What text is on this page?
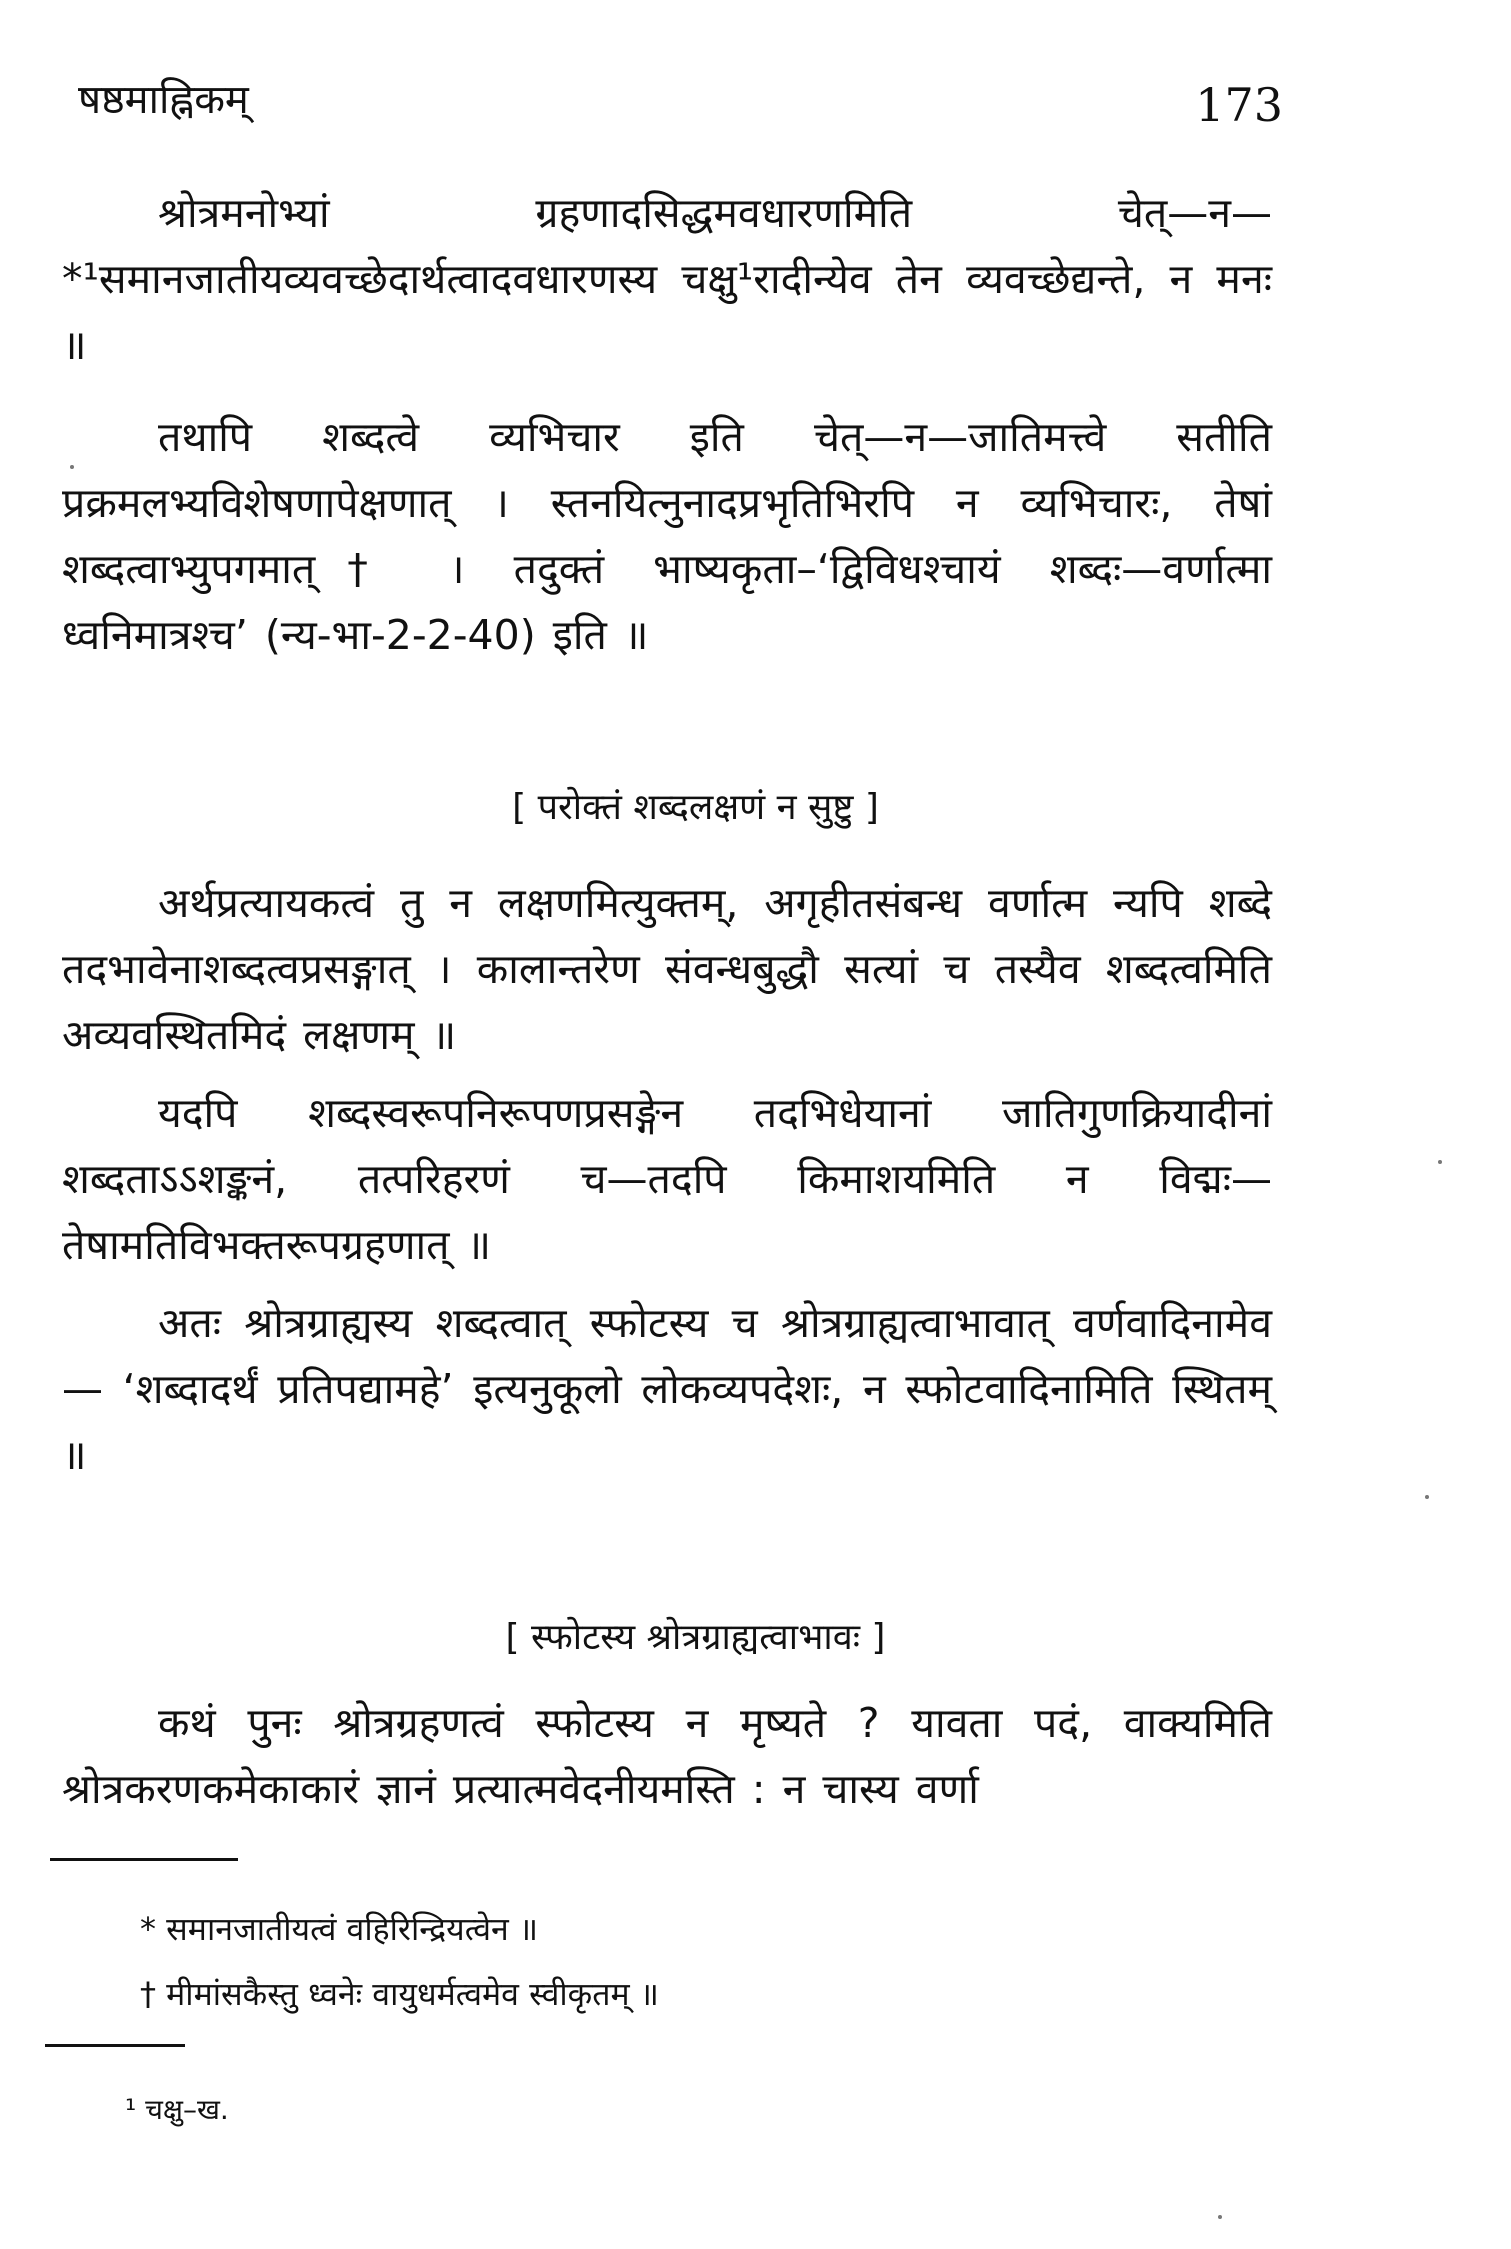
षष्ठमाह्निकम्	173

श्रोत्रमनोभ्यां ग्रहणादसिद्धमवधारणमिति चेत्—न—*¹समानजातीयव्यवच्छेदार्थत्वादवधारणस्य चक्षु¹रादीन्येव तेन व्यवच्छेद्यन्ते, न मनः ॥

तथापि शब्दत्वे व्यभिचार इति चेत्—न—जातिमत्त्वे सतीति प्रक्रमलभ्यविशेषणापेक्षणात् । स्तनयित्नुनादप्रभृतिभिरपि न व्यभिचारः, तेषां शब्दत्वाभ्युपगमात्† । तदुक्तं भाष्यकृता–‘द्विविधश्चायं शब्दः—वर्णात्मा ध्वनिमात्रश्च’ (न्य-भा-2-2-40) इति ॥

[ परोक्तं शब्दलक्षणं न सुष्टु ]

अर्थप्रत्यायकत्वं तु न लक्षणमित्युक्तम्, अगृहीतसंबन्ध वर्णात्म न्यपि शब्दे तदभावेनाशब्दत्वप्रसङ्गात् । कालान्तरेण संवन्धबुद्धौ सत्यां च तस्यैव शब्दत्वमिति अव्यवस्थितमिदं लक्षणम् ॥

यदपि शब्दस्वरूपनिरूपणप्रसङ्गेन तदभिधेयानां जातिगुणक्रियादीनां शब्दताऽऽशङ्कनं, तत्परिहरणं च—तदपि किमाशयमिति न विद्मः—तेषामतिविभक्तरूपग्रहणात् ॥

अतः श्रोत्रग्राह्यस्य शब्दत्वात् स्फोटस्य च श्रोत्रग्राह्यत्वाभावात् वर्णवादिनामेव — ‘शब्दादर्थं प्रतिपद्यामहे’ इत्यनुकूलो लोकव्यपदेशः, न स्फोटवादिनामिति स्थितम् ॥

[ स्फोटस्य श्रोत्रग्राह्यत्वाभावः ]

कथं पुनः श्रोत्रग्रहणत्वं स्फोटस्य न मृष्यते ? यावता पदं, वाक्यमिति श्रोत्रकरणकमेकाकारं ज्ञानं प्रत्यात्मवेदनीयमस्ति : न चास्य वर्णा

* समानजातीयत्वं वहिरिन्द्रियत्वेन ॥
† मीमांसकैस्तु ध्वनेः वायुधर्मत्वमेव स्वीकृतम् ॥
¹ चक्षु–ख.
